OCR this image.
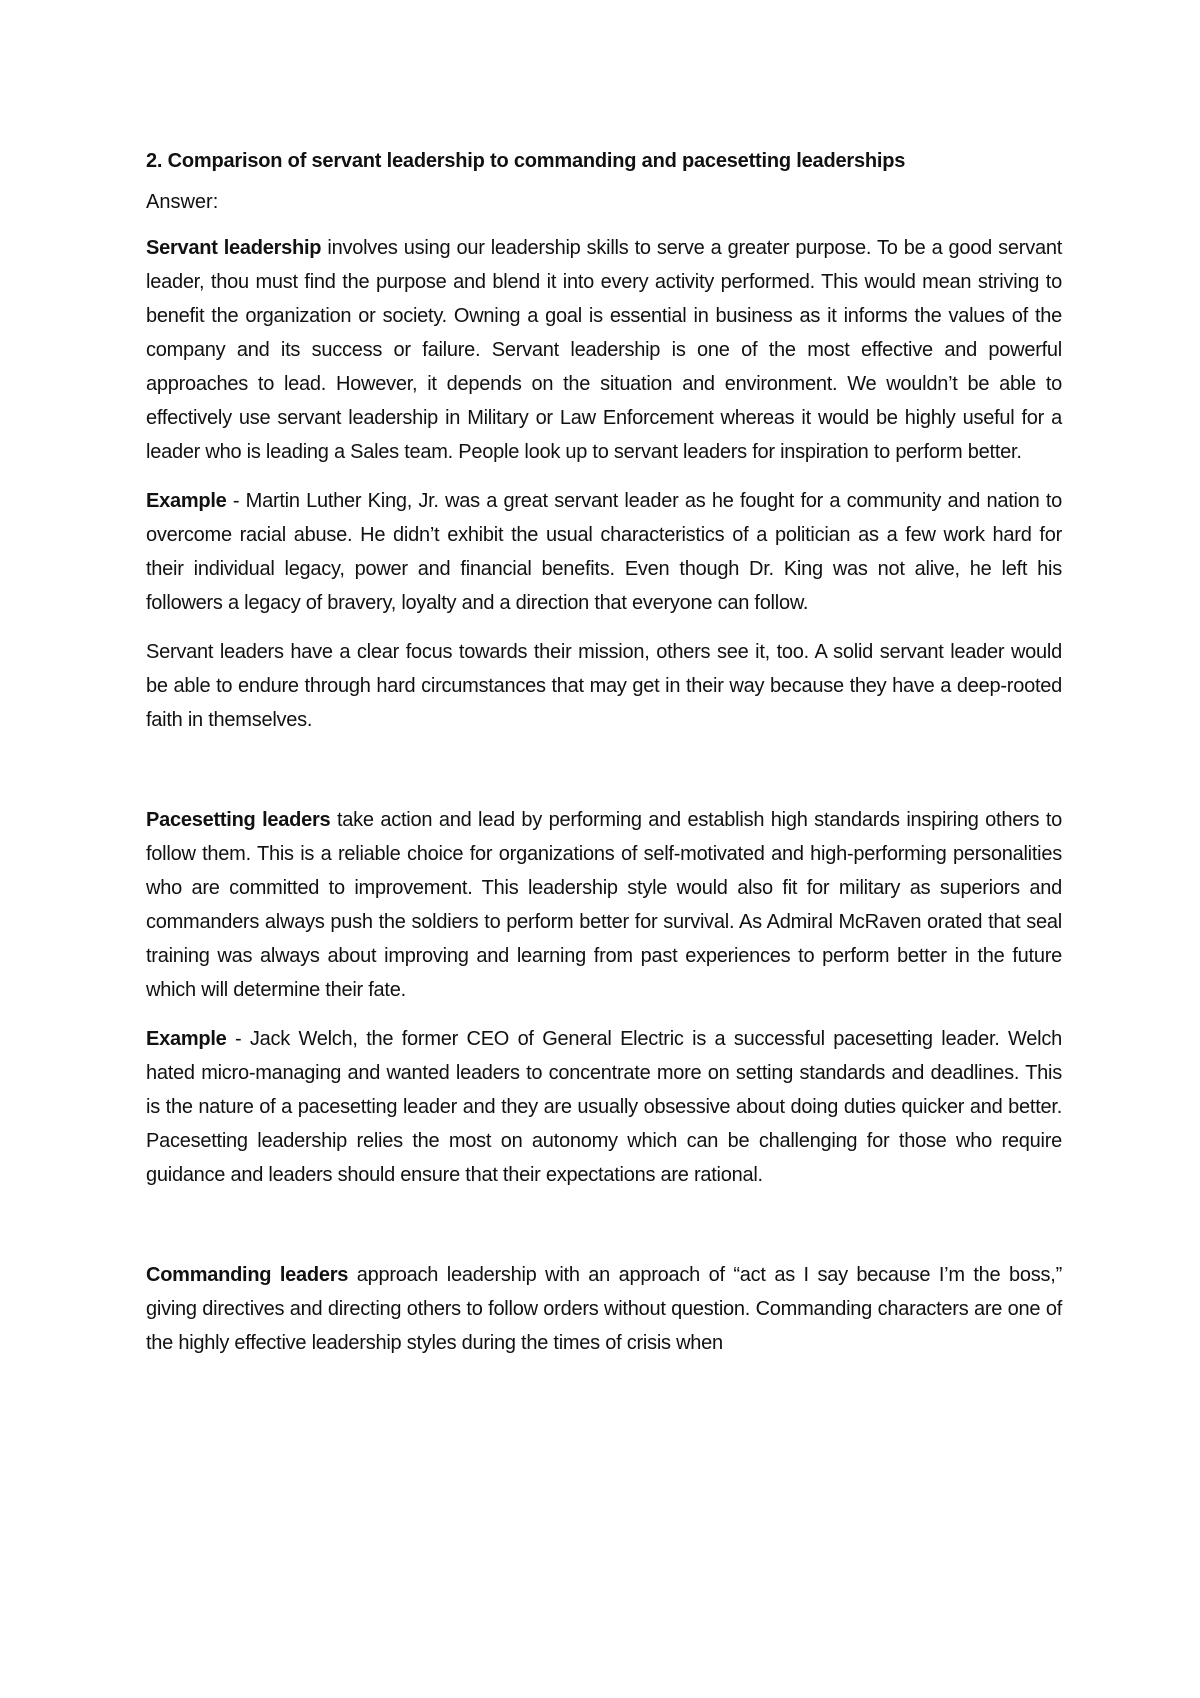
2. Comparison of servant leadership to commanding and pacesetting leaderships
Answer:

Servant leadership involves using our leadership skills to serve a greater purpose. To be a good servant leader, thou must find the purpose and blend it into every activity performed. This would mean striving to benefit the organization or society. Owning a goal is essential in business as it informs the values of the company and its success or failure. Servant leadership is one of the most effective and powerful approaches to lead. However, it depends on the situation and environment. We wouldn’t be able to effectively use servant leadership in Military or Law Enforcement whereas it would be highly useful for a leader who is leading a Sales team. People look up to servant leaders for inspiration to perform better.

Example - Martin Luther King, Jr. was a great servant leader as he fought for a community and nation to overcome racial abuse. He didn’t exhibit the usual characteristics of a politician as a few work hard for their individual legacy, power and financial benefits. Even though Dr. King was not alive, he left his followers a legacy of bravery, loyalty and a direction that everyone can follow.

Servant leaders have a clear focus towards their mission, others see it, too. A solid servant leader would be able to endure through hard circumstances that may get in their way because they have a deep-rooted faith in themselves.

Pacesetting leaders take action and lead by performing and establish high standards inspiring others to follow them. This is a reliable choice for organizations of self-motivated and high-performing personalities who are committed to improvement. This leadership style would also fit for military as superiors and commanders always push the soldiers to perform better for survival. As Admiral McRaven orated that seal training was always about improving and learning from past experiences to perform better in the future which will determine their fate.

Example - Jack Welch, the former CEO of General Electric is a successful pacesetting leader. Welch hated micro-managing and wanted leaders to concentrate more on setting standards and deadlines. This is the nature of a pacesetting leader and they are usually obsessive about doing duties quicker and better. Pacesetting leadership relies the most on autonomy which can be challenging for those who require guidance and leaders should ensure that their expectations are rational.

Commanding leaders approach leadership with an approach of “act as I say because I’m the boss,” giving directives and directing others to follow orders without question. Commanding characters are one of the highly effective leadership styles during the times of crisis when
